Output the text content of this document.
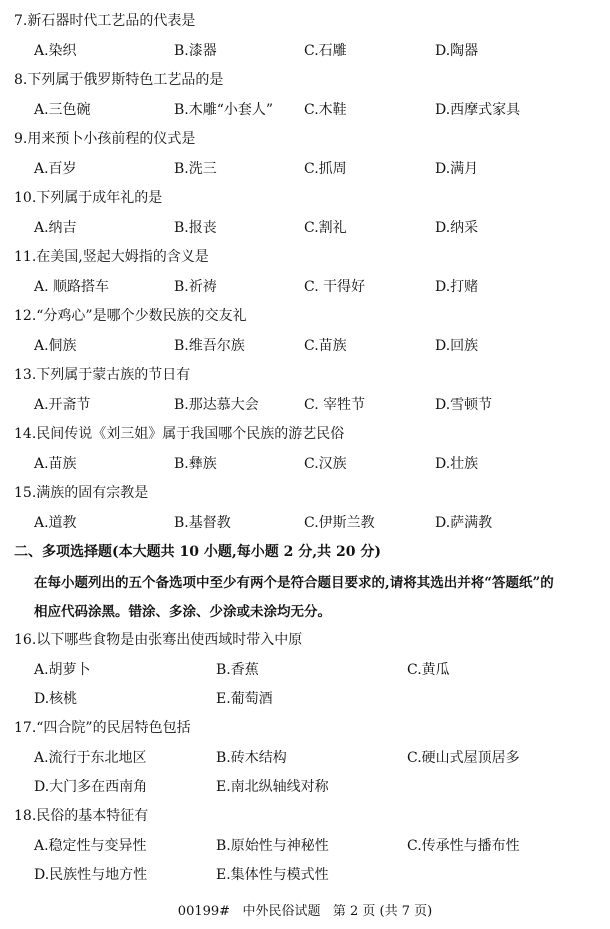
7.新石器时代工艺品的代表是
A.染织	B.漆器	C.石雕	D.陶器
8.下列属于俄罗斯特色工艺品的是
A.三色碗	B.木雕“小套人” C.木鞋	D.西摩式家具
9.用来预卜小孩前程的仪式是
A.百岁	B.洗三	C.抓周	D.满月
10.下列属于成年礼的是
A.纳吉	B.报丧	C.割礼	D.纳采
11.在美国,竖起大姆指的含义是
A. 顺路搭车	B.祈祷	C. 干得好	D.打赌
12.“分鸡心”是哪个少数民族的交友礼
A.侗族	B.维吾尔族	C.苗族	D.回族
13.下列属于蒙古族的节日有
A.开斋节	B.那达慕大会	C. 宰牲节	D.雪顿节
14.民间传说《刘三姐》属于我国哪个民族的游艺民俗
A.苗族	B.彝族	C.汉族	D.壮族
15.满族的固有宗教是
A.道教	B.基督教	C.伊斯兰教	D.萨满教
二、多项选择题(本大题共 10 小题,每小题 2 分,共 20 分)
在每小题列出的五个备选项中至少有两个是符合题目要求的,请将其选出并将“答题纸”的
相应代码涂黑。错涂、多涂、少涂或未涂均无分。
16.以下哪些食物是由张骞出使西域时带入中原
A.胡萝卜	B.香蕉	C.黄瓜
D.核桃	E.葡萄酒
17.“四合院”的民居特色包括
A.流行于东北地区	B.砖木结构	C.硬山式屋顶居多
D.大门多在西南角	E.南北纵轴线对称
18.民俗的基本特征有
A.稳定性与变异性	B.原始性与神秘性	C.传承性与播布性
D.民族性与地方性	E.集体性与模式性
00199#   中外民俗试题   第 2 页 (共 7 页)
